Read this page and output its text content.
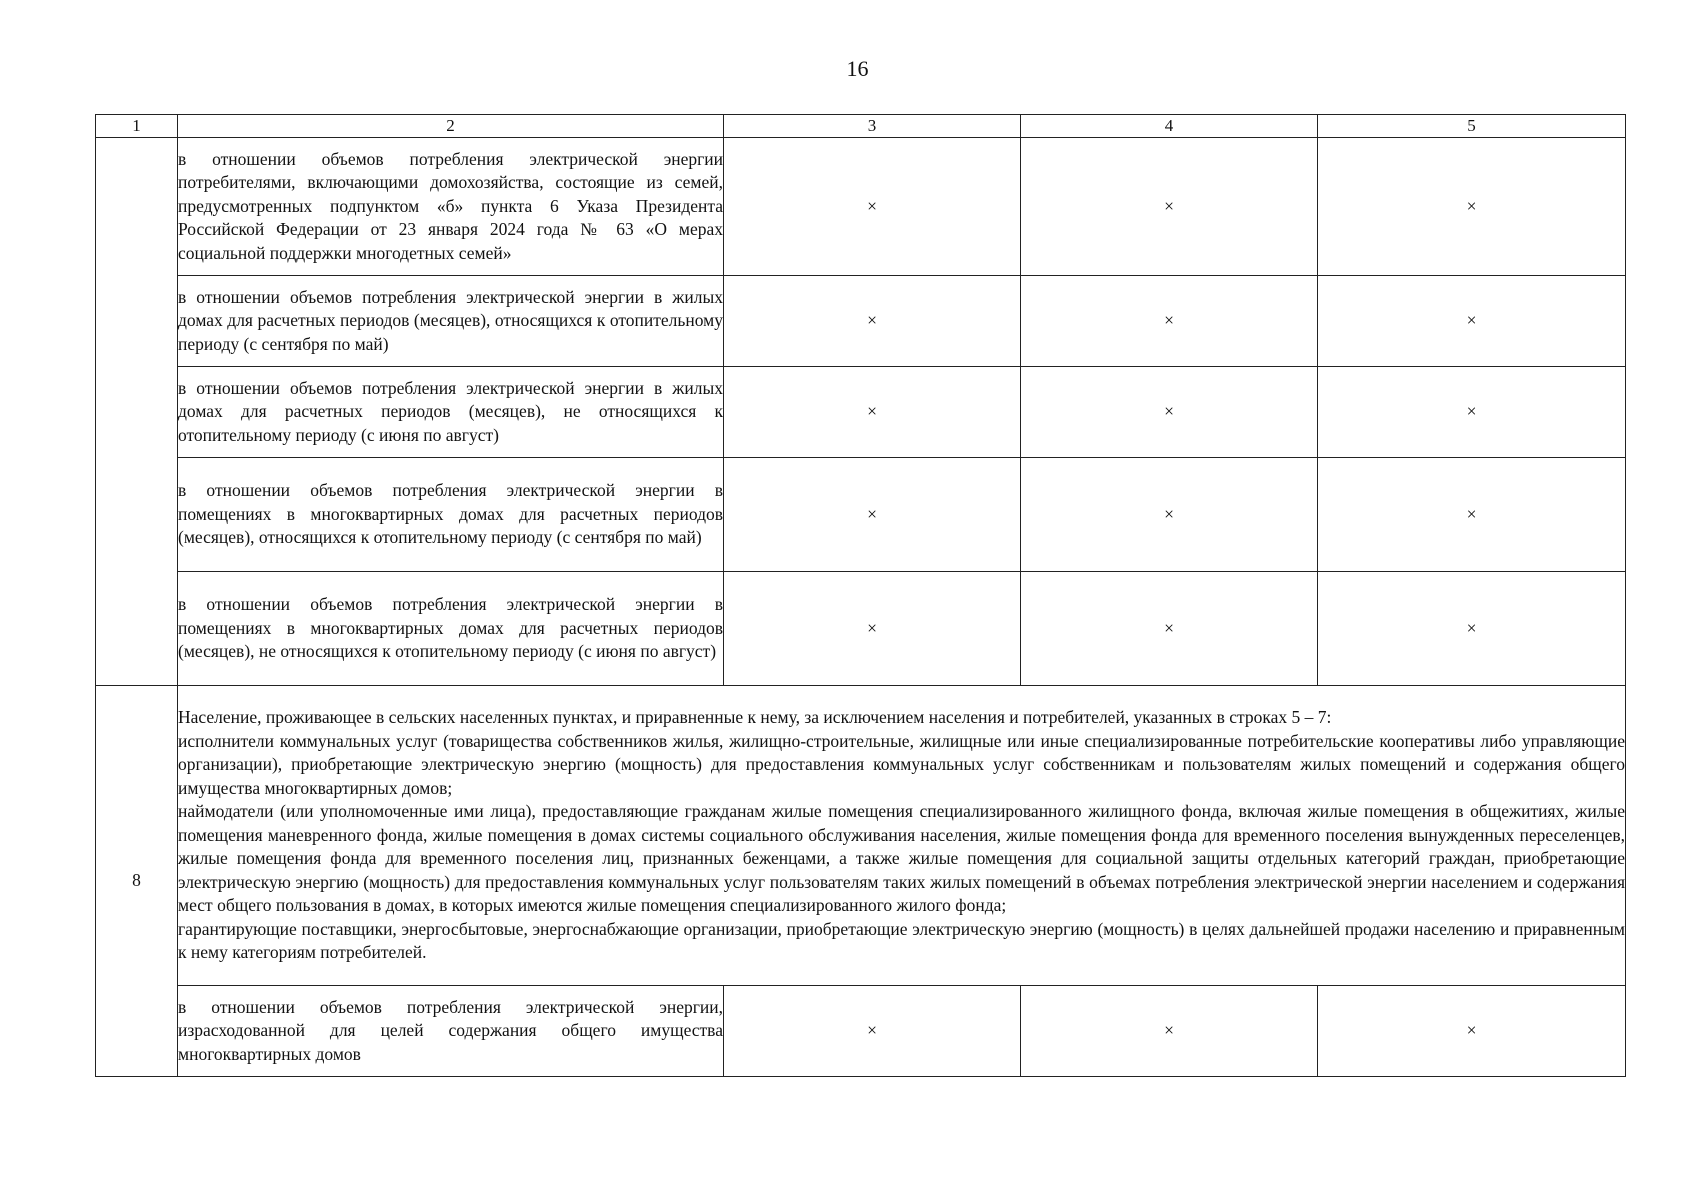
16
1	2	3	4	5
	в отношении объемов потребления электрической энергии потребителями, включающими домохозяйства, состоящие из семей, предусмотренных подпунктом «б» пункта 6 Указа Президента Российской Федерации от 23 января 2024 года № 63 «О мерах социальной поддержки многодетных семей»	×	×	×
	в отношении объемов потребления электрической энергии в жилых домах для расчетных периодов (месяцев), относящихся к отопительному периоду (с сентября по май)	×	×	×
	в отношении объемов потребления электрической энергии в жилых домах для расчетных периодов (месяцев), не относящихся к отопительному периоду (с июня по август)	×	×	×
	в отношении объемов потребления электрической энергии в помещениях в многоквартирных домах для расчетных периодов (месяцев), относящихся к отопительному периоду (с сентября по май)	×	×	×
	в отношении объемов потребления электрической энергии в помещениях в многоквартирных домах для расчетных периодов (месяцев), не относящихся к отопительному периоду (с июня по август)	×	×	×
8	Население, проживающее в сельских населенных пунктах, и приравненные к нему, за исключением населения и потребителей, указанных в строках 5 – 7:

исполнители коммунальных услуг (товарищества собственников жилья, жилищно-строительные, жилищные или иные специализированные потребительские кооперативы либо управляющие организации), приобретающие электрическую энергию (мощность) для предоставления коммунальных услуг собственникам и пользователям жилых помещений и содержания общего имущества многоквартирных домов;

наймодатели (или уполномоченные ими лица), предоставляющие гражданам жилые помещения специализированного жилищного фонда, включая жилые помещения в общежитиях, жилые помещения маневренного фонда, жилые помещения в домах системы социального обслуживания населения, жилые помещения фонда для временного поселения вынужденных переселенцев, жилые помещения фонда для временного поселения лиц, признанных беженцами, а также жилые помещения для социальной защиты отдельных категорий граждан, приобретающие электрическую энергию (мощность) для предоставления коммунальных услуг пользователям таких жилых помещений в объемах потребления электрической энергии населением и содержания мест общего пользования в домах, в которых имеются жилые помещения специализированного жилого фонда;

гарантирующие поставщики, энергосбытовые, энергоснабжающие организации, приобретающие электрическую энергию (мощность) в целях дальнейшей продажи населению и приравненным к нему категориям потребителей.			

	в отношении объемов потребления электрической энергии, израсходованной для целей содержания общего имущества многоквартирных домов	×	×	×
